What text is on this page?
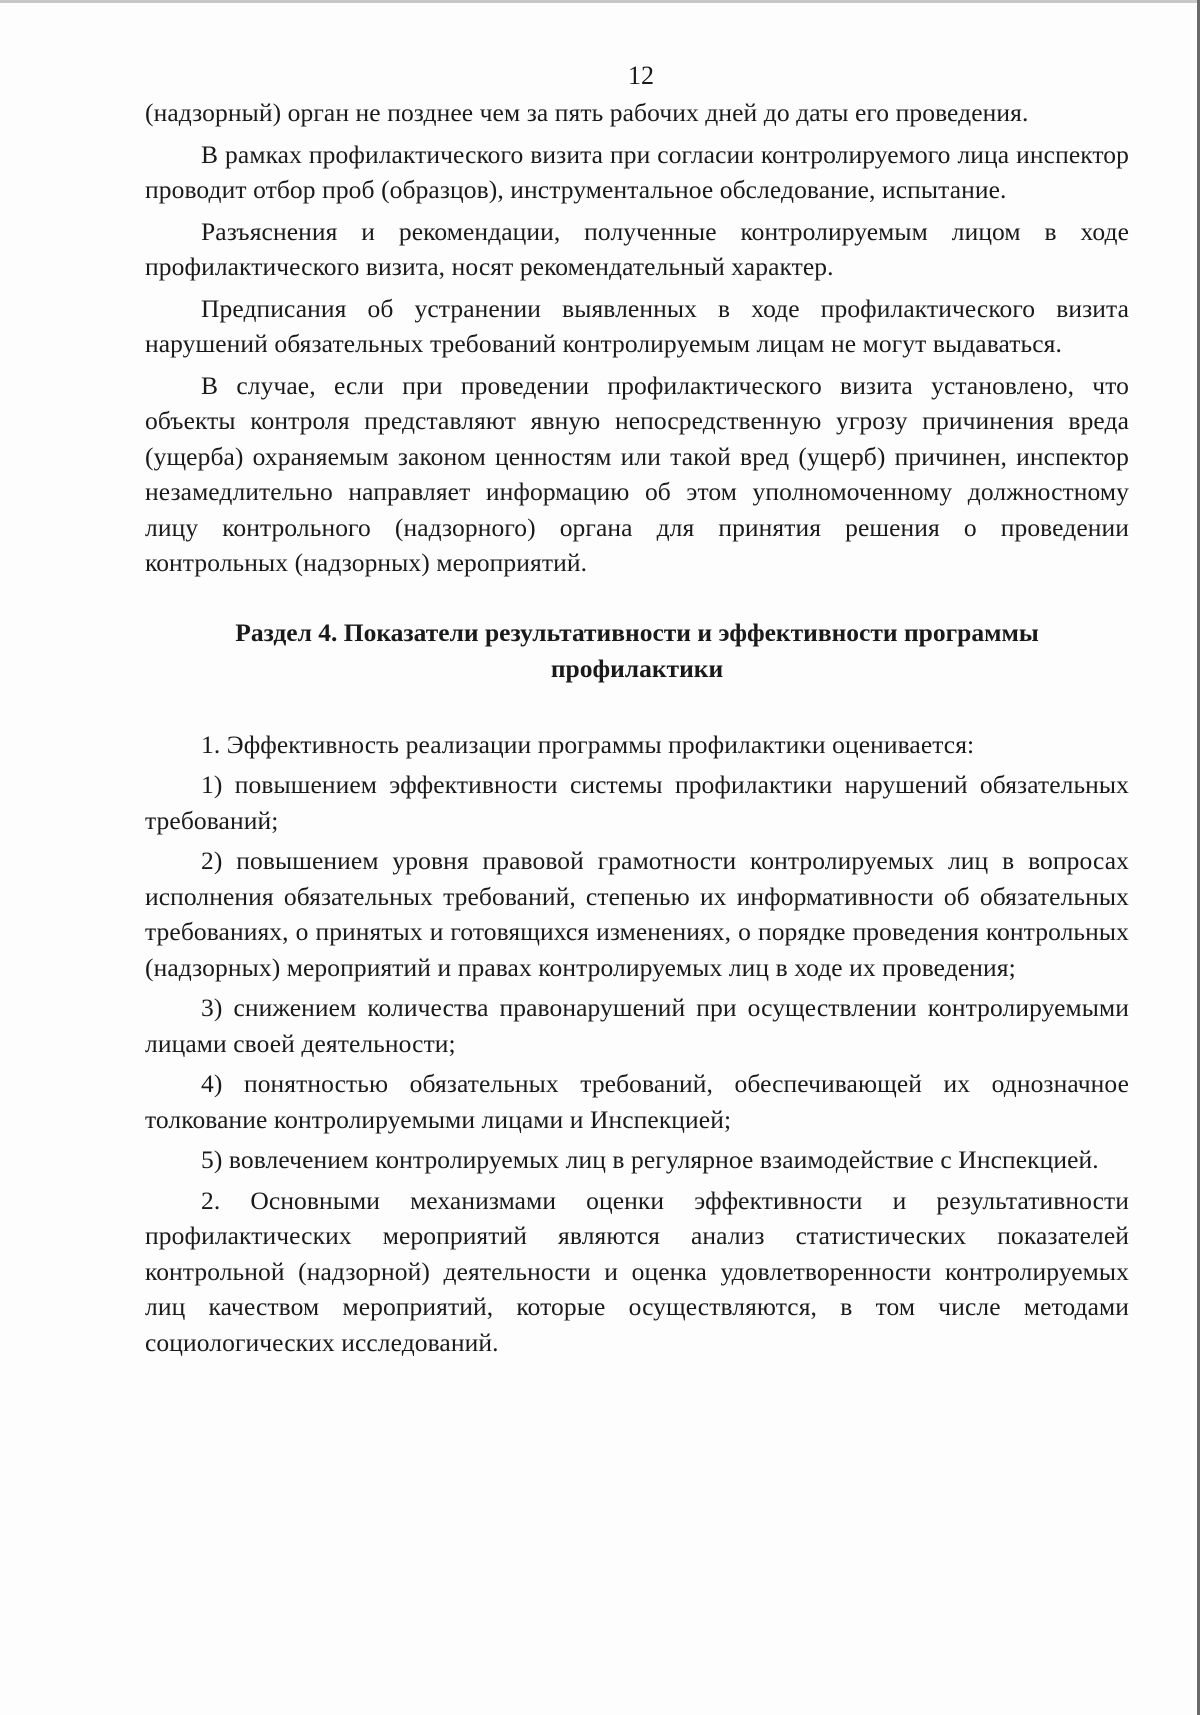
12

(надзорный) орган не позднее чем за пять рабочих дней до даты его проведения.

В рамках профилактического визита при согласии контролируемого лица инспектор проводит отбор проб (образцов), инструментальное обследование, испытание.

Разъяснения и рекомендации, полученные контролируемым лицом в ходе профилактического визита, носят рекомендательный характер.

Предписания об устранении выявленных в ходе профилактического визита нарушений обязательных требований контролируемым лицам не могут выдаваться.

В случае, если при проведении профилактического визита установлено, что объекты контроля представляют явную непосредственную угрозу причинения вреда (ущерба) охраняемым законом ценностям или такой вред (ущерб) причинен, инспектор незамедлительно направляет информацию об этом уполномоченному должностному лицу контрольного (надзорного) органа для принятия решения о проведении контрольных (надзорных) мероприятий.

Раздел 4. Показатели результативности и эффективности программы
профилактики

1. Эффективность реализации программы профилактики оценивается:

1) повышением эффективности системы профилактики нарушений обязательных требований;

2) повышением уровня правовой грамотности контролируемых лиц в вопросах исполнения обязательных требований, степенью их информативности об обязательных требованиях, о принятых и готовящихся изменениях, о порядке проведения контрольных (надзорных) мероприятий и правах контролируемых лиц в ходе их проведения;

3) снижением количества правонарушений при осуществлении контролируемыми лицами своей деятельности;

4) понятностью обязательных требований, обеспечивающей их однозначное толкование контролируемыми лицами и Инспекцией;

5) вовлечением контролируемых лиц в регулярное взаимодействие с Инспекцией.

2. Основными механизмами оценки эффективности и результативности профилактических мероприятий являются анализ статистических показателей контрольной (надзорной) деятельности и оценка удовлетворенности контролируемых лиц качеством мероприятий, которые осуществляются, в том числе методами социологических исследований.
